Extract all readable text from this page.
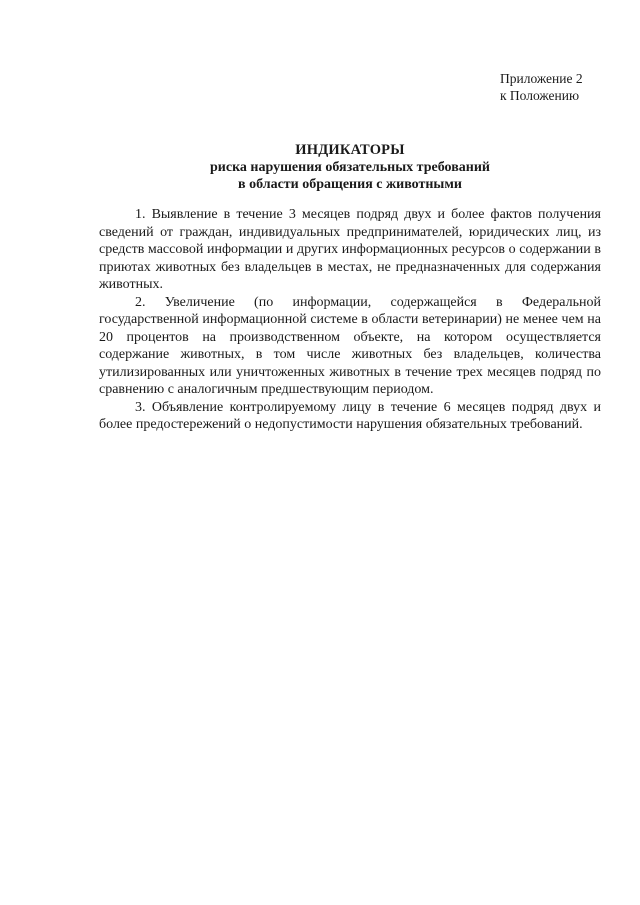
Приложение 2
к Положению
ИНДИКАТОРЫ
риска нарушения обязательных требований
в области обращения с животными

1. Выявление в течение 3 месяцев подряд двух и более фактов получения сведений от граждан, индивидуальных предпринимателей, юридических лиц, из средств массовой информации и других информационных ресурсов о содержании в приютах животных без владельцев в местах, не предназначенных для содержания животных.

2. Увеличение (по информации, содержащейся в Федеральной государственной информационной системе в области ветеринарии) не менее чем на 20 процентов на производственном объекте, на котором осуществляется содержание животных, в том числе животных без владельцев, количества утилизированных или уничтоженных животных в течение трех месяцев подряд по сравнению с аналогичным предшествующим периодом.

3. Объявление контролируемому лицу в течение 6 месяцев подряд двух и более предостережений о недопустимости нарушения обязательных требований.
